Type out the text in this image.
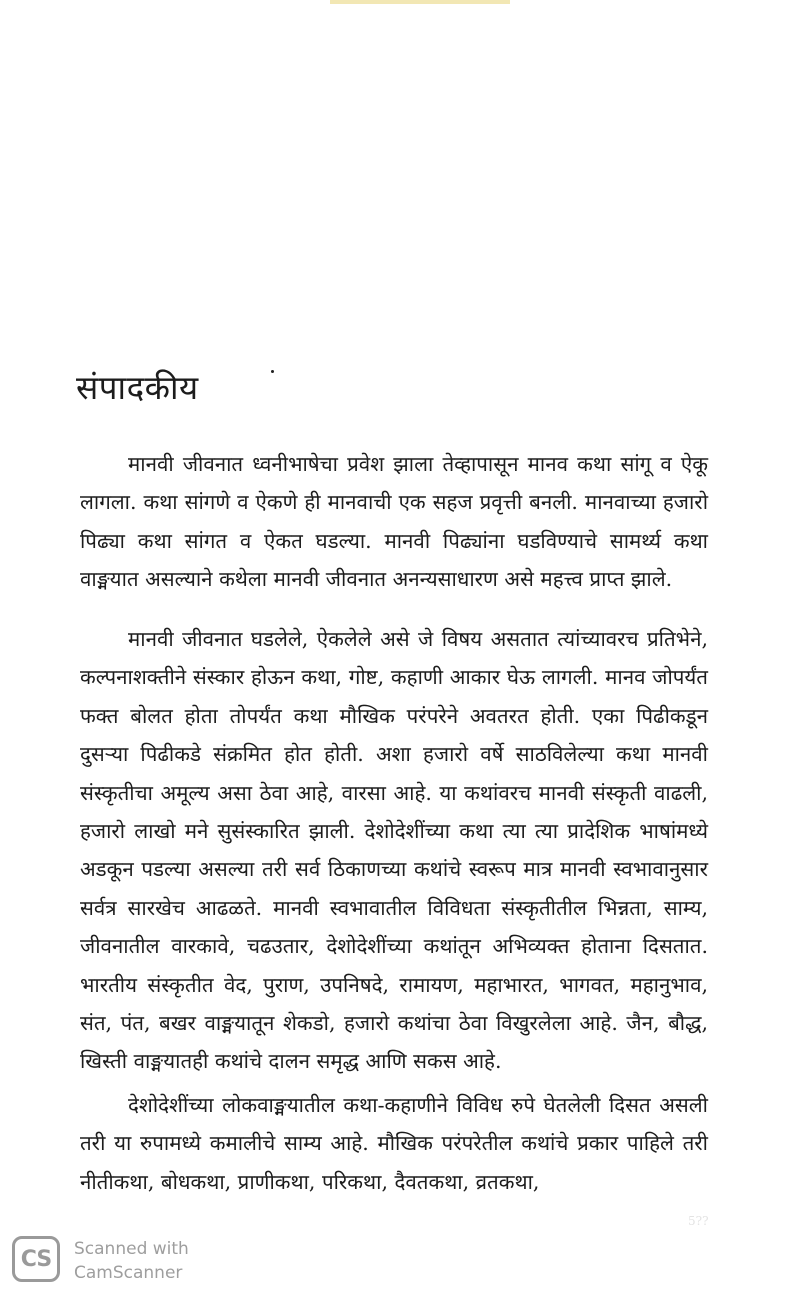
संपादकीय

मानवी जीवनात ध्वनीभाषेचा प्रवेश झाला तेव्हापासून मानव कथा सांगू व ऐकू लागला. कथा सांगणे व ऐकणे ही मानवाची एक सहज प्रवृत्ती बनली. मानवाच्या हजारो पिढ्या कथा सांगत व ऐकत घडल्या. मानवी पिढ्यांना घडविण्याचे सामर्थ्य कथा वाङ्मयात असल्याने कथेला मानवी जीवनात अनन्यसाधारण असे महत्त्व प्राप्त झाले.

मानवी जीवनात घडलेले, ऐकलेले असे जे विषय असतात त्यांच्यावरच प्रतिभेने, कल्पनाशक्तीने संस्कार होऊन कथा, गोष्ट, कहाणी आकार घेऊ लागली. मानव जोपर्यंत फक्त बोलत होता तोपर्यंत कथा मौखिक परंपरेने अवतरत होती. एका पिढीकडून दुसऱ्या पिढीकडे संक्रमित होत होती. अशा हजारो वर्षे साठविलेल्या कथा मानवी संस्कृतीचा अमूल्य असा ठेवा आहे, वारसा आहे. या कथांवरच मानवी संस्कृती वाढली, हजारो लाखो मने सुसंस्कारित झाली. देशोदेशींच्या कथा त्या त्या प्रादेशिक भाषांमध्ये अडकून पडल्या असल्या तरी सर्व ठिकाणच्या कथांचे स्वरूप मात्र मानवी स्वभावानुसार सर्वत्र सारखेच आढळते. मानवी स्वभावातील विविधता संस्कृतीतील भिन्नता, साम्य, जीवनातील वारकावे, चढउतार, देशोदेशींच्या कथांतून अभिव्यक्त होताना दिसतात. भारतीय संस्कृतीत वेद, पुराण, उपनिषदे, रामायण, महाभारत, भागवत, महानुभाव, संत, पंत, बखर वाङ्मयातून शेकडो, हजारो कथांचा ठेवा विखुरलेला आहे. जैन, बौद्ध, खिस्ती वाङ्मयातही कथांचे दालन समृद्ध आणि सकस आहे.

देशोदेशींच्या लोकवाङ्मयातील कथा-कहाणीने विविध रुपे घेतलेली दिसत असली तरी या रुपामध्ये कमालीचे साम्य आहे. मौखिक परंपरेतील कथांचे प्रकार पाहिले तरी नीतीकथा, बोधकथा, प्राणीकथा, परिकथा, दैवतकथा, व्रतकथा,

5??
CS	Scanned with
CamScanner
